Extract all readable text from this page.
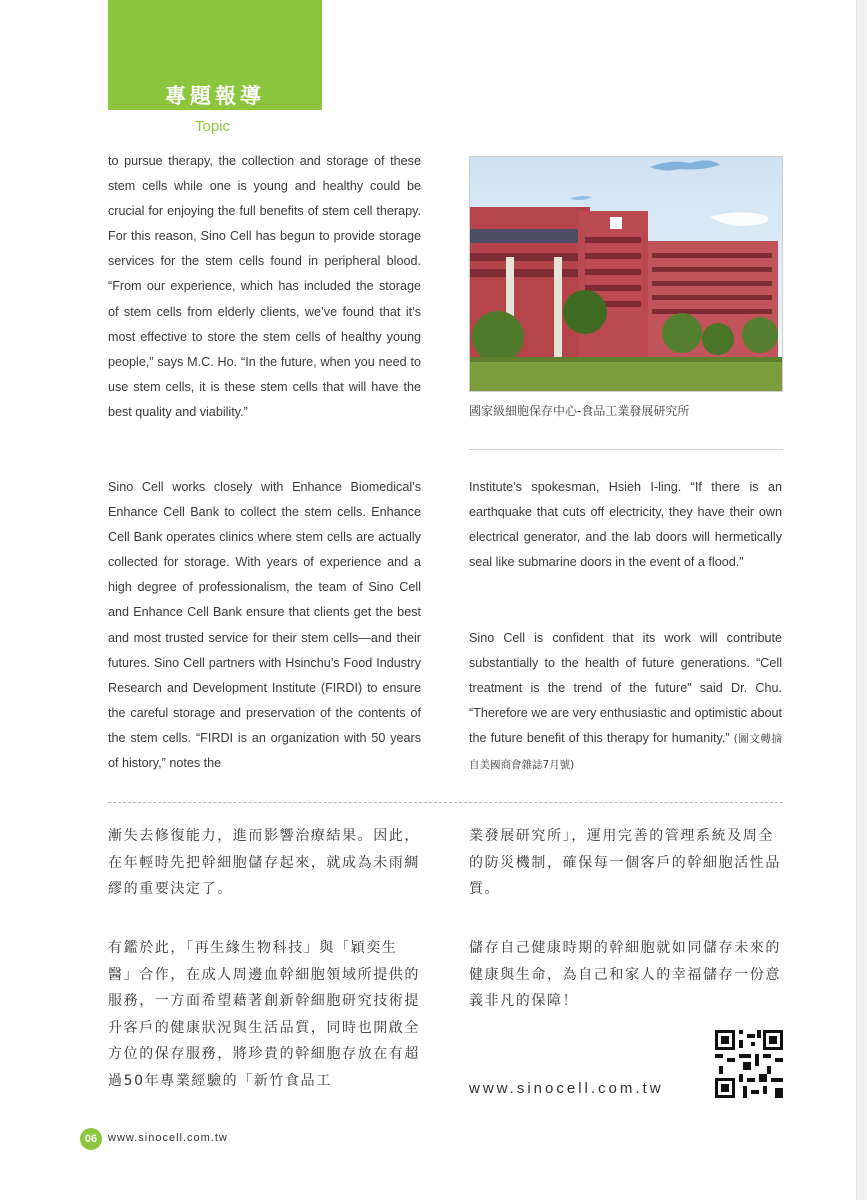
專題報導
Topic

to pursue therapy, the collection and storage of these stem cells while one is young and healthy could be crucial for enjoying the full benefits of stem cell therapy. For this reason, Sino Cell has begun to provide storage services for the stem cells found in peripheral blood. “From our experience, which has included the storage of stem cells from elderly clients, we’ve found that it’s most effective to store the stem cells of healthy young people,” says M.C. Ho. “In the future, when you need to use stem cells, it is these stem cells that will have the best quality and viability.”

Sino Cell works closely with Enhance Biomedical’s Enhance Cell Bank to collect the stem cells. Enhance Cell Bank operates clinics where stem cells are actually collected for storage. With years of experience and a high degree of professionalism, the team of Sino Cell and Enhance Cell Bank ensure that clients get the best and most trusted service for their stem cells—and their futures. Sino Cell partners with Hsinchu’s Food Industry Research and Development Institute (FIRDI) to ensure the careful storage and preservation of the contents of the stem cells. “FIRDI is an organization with 50 years of history,” notes the

國家級細胞保存中心-食品工業發展研究所

Institute’s spokesman, Hsieh I-ling. “If there is an earthquake that cuts off electricity, they have their own electrical generator, and the lab doors will hermetically seal like submarine doors in the event of a flood.”

Sino Cell is confident that its work will contribute substantially to the health of future generations. “Cell treatment is the trend of the future” said Dr. Chu. “Therefore we are very enthusiastic and optimistic about the future benefit of this therapy for humanity.” (圖文轉摘自美國商會雜誌7月號)

漸失去修復能力，進而影響治療結果。因此，在年輕時先把幹細胞儲存起來，就成為未雨綢繆的重要決定了。

有鑑於此，「再生緣生物科技」與「穎奕生醫」合作，在成人周邊血幹細胞領域所提供的服務，一方面希望藉著創新幹細胞研究技術提升客戶的健康狀況與生活品質，同時也開啟全方位的保存服務，將珍貴的幹細胞存放在有超過50年專業經驗的「新竹食品工

業發展研究所」，運用完善的管理系統及周全的防災機制，確保每一個客戶的幹細胞活性品質。

儲存自己健康時期的幹細胞就如同儲存未來的健康與生命，為自己和家人的幸福儲存一份意義非凡的保障！

www.sinocell.com.tw
06 www.sinocell.com.tw
